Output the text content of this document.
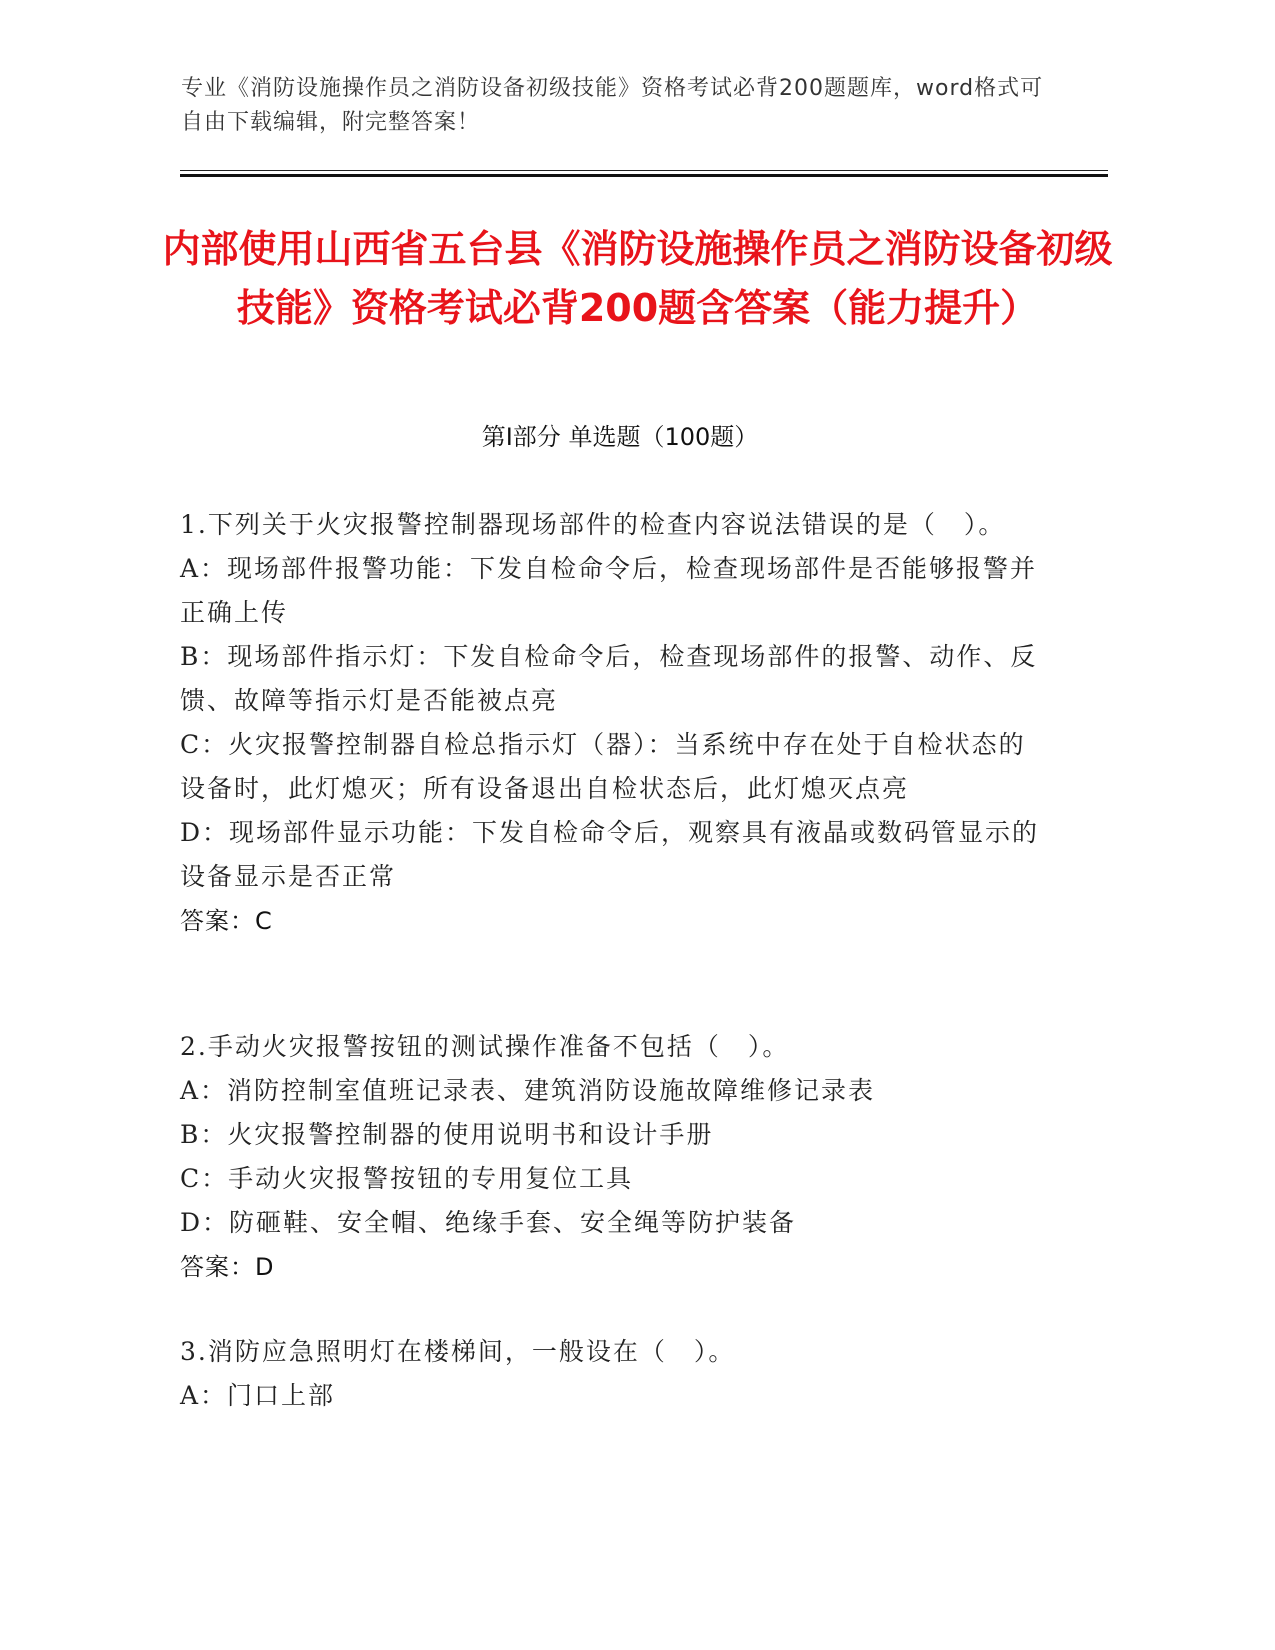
专业《消防设施操作员之消防设备初级技能》资格考试必背200题题库，word格式可自由下载编辑，附完整答案！
内部使用山西省五台县《消防设施操作员之消防设备初级技能》资格考试必背200题含答案（能力提升）
第Ⅰ部分 单选题（100题）

1.下列关于火灾报警控制器现场部件的检查内容说法错误的是（　）。

A：现场部件报警功能：下发自检命令后，检查现场部件是否能够报警并正确上传

B：现场部件指示灯：下发自检命令后，检查现场部件的报警、动作、反馈、故障等指示灯是否能被点亮

C：火灾报警控制器自检总指示灯（器）：当系统中存在处于自检状态的设备时，此灯熄灭；所有设备退出自检状态后，此灯熄灭点亮

D：现场部件显示功能：下发自检命令后，观察具有液晶或数码管显示的设备显示是否正常

答案：C

2.手动火灾报警按钮的测试操作准备不包括（　）。

A：消防控制室值班记录表、建筑消防设施故障维修记录表

B：火灾报警控制器的使用说明书和设计手册

C：手动火灾报警按钮的专用复位工具

D：防砸鞋、安全帽、绝缘手套、安全绳等防护装备

答案：D

3.消防应急照明灯在楼梯间，一般设在（　）。

A：门口上部
